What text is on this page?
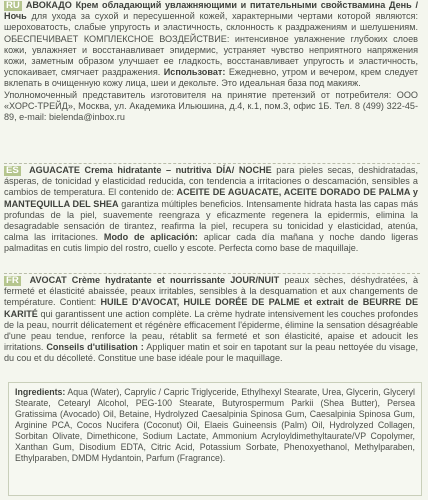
RU АВОКАДО Крем обладающий увлажняющими и питательными свойствамина День / Ночь для ухода за сухой и пересушенной кожей, характерными чертами которой являются: шероховатость, слабые упругость и эластичность, склонность к раздражениям и шелушениям. ОБЕСПЕЧИВАЕТ КОМПЛЕКСНОЕ ВОЗДЕЙСТВИЕ: интенсивное увлажнение глубоких слоев кожи, увлажняет и восстанавливает эпидермис, устраняет чувство неприятного напряжения кожи, заметным образом улучшает ее гладкость, восстанавливает упругость и эластичность, успокаивает, смягчает раздражения. Использоват: Ежедневно, утром и вечером, крем следует вклепать в очищенную кожу лица, шеи и декольте. Это идеальная база под макияж.

Уполномоченный представитель изготовителя на принятие претензий от потребителя: ООО «ХОРС-ТРЕЙД», Москва, ул. Академика Ильюшина, д.4, к.1, пом.3, офис 1Б. Тел. 8 (499) 322-45-89, e-mail: bielenda@inbox.ru

ES AGUACATE Crema hidratante – nutritiva DÍA/ NOCHE para pieles secas, deshidratadas, ásperas, de tonicidad y elasticidad reducida, con tendencia a irritaciones o descamación, sensibles a cambios de temperatura. El contenido de: ACEITE DE AGUACATE, ACEITE DORADO DE PALMA y MANTEQUILLA DEL SHEA garantiza múltiples beneficios. Intensamente hidrata hasta las capas más profundas de la piel, suavemente reengraza y eficazmente regenera la epidermis, elimina la desagradable sensación de tirantez, reafirma la piel, recupera su tonicidad y elasticidad, atenúa, calma las irritaciones. Modo de aplicación: aplicar cada día mañana y noche dando ligeras palmaditas en cutis limpio del rostro, cuello y escote. Perfecta como base de maquillaje.

FR AVOCAT Crème hydratante et nourrissante JOUR/NUIT peaux sèches, déshydratées, à fermeté et élasticité abaissée, peaux irritables, sensibles à la desquamation et aux changements de température. Contient: HUILE D'AVOCAT, HUILE DORÉE DE PALME et extrait de BEURRE DE KARITÉ qui garantissent une action complète. La crème hydrate intensivement les couches profondes de la peau, nourrit délicatement et régénère efficacement l'épiderme, élimine la sensation désagréable d'une peau tendue, renforce la peau, rétablit sa fermeté et son élasticité, apaise et adoucit les irritations. Conseils d'utilisation : Appliquer matin et soir en tapotant sur la peau nettoyée du visage, du cou et du décolleté. Constitue une base idéale pour le maquillage.

Ingredients: Aqua (Water), Caprylic / Capric Triglyceride, Ethylhexyl Stearate, Urea, Glycerin, Glyceryl Stearate, Cetearyl Alcohol, PEG-100 Stearate, Butyrospermum Parkii (Shea Butter), Persea Gratissima (Avocado) Oil, Betaine, Hydrolyzed Caesalpinia Spinosa Gum, Caesalpinia Spinosa Gum, Arginine PCA, Cocos Nucifera (Coconut) Oil, Elaeis Guineensis (Palm) Oil, Hydrolyzed Collagen, Sorbitan Olivate, Dimethicone, Sodium Lactate, Ammonium Acryloyldimethyltaurate/VP Copolymer, Xanthan Gum, Disodium EDTA, Citric Acid, Potassium Sorbate, Phenoxyethanol, Methylparaben, Ethylparaben, DMDM Hydantoin, Parfum (Fragrance).
